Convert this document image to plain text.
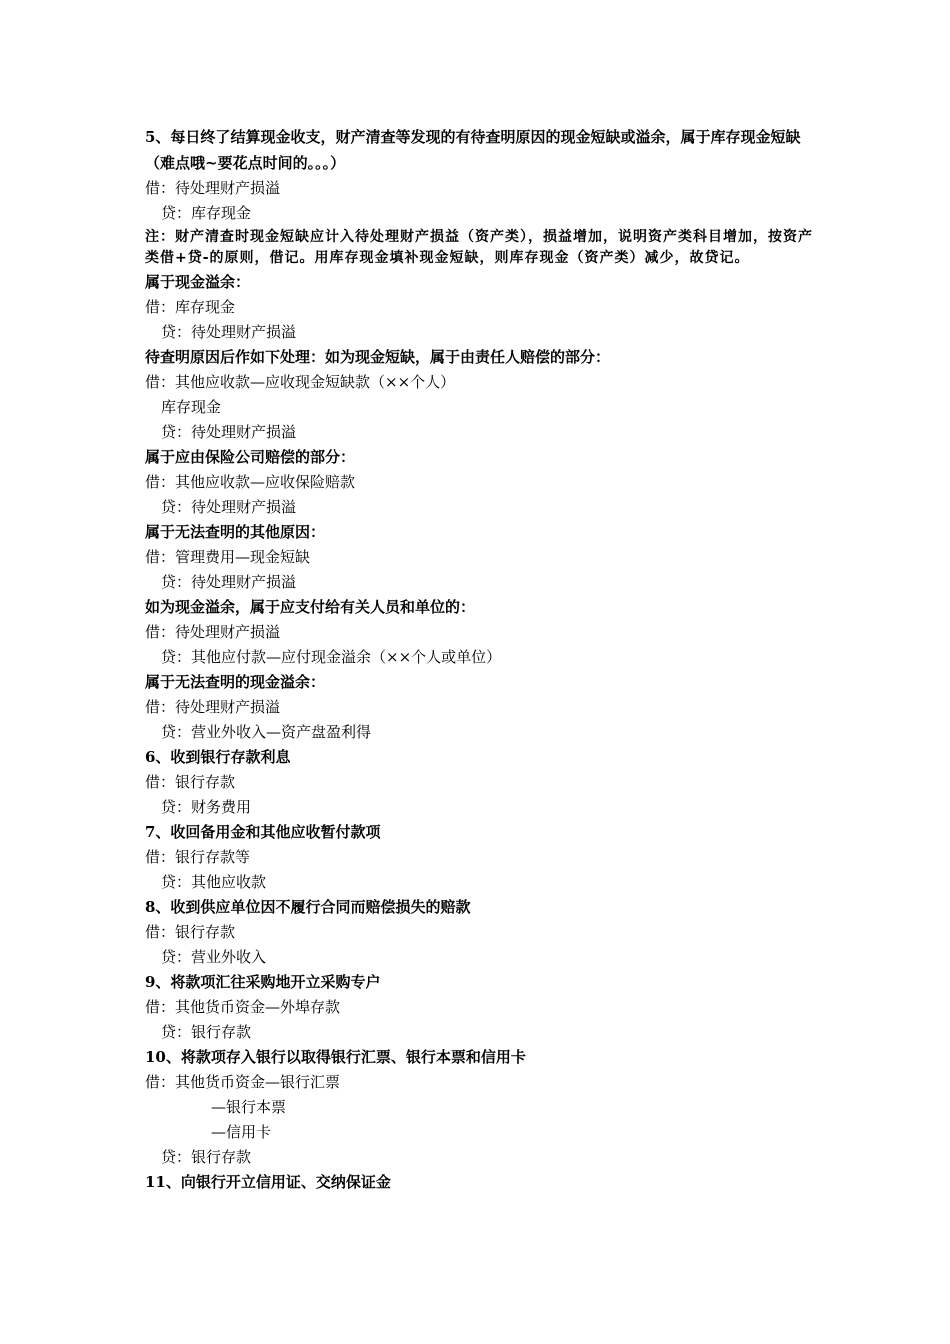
5、每日终了结算现金收支，财产清查等发现的有待查明原因的现金短缺或溢余，属于库存现金短缺 （难点哦~要花点时间的。。。）
借：待处理财产损溢
贷：库存现金
注：财产清查时现金短缺应计入待处理财产损益（资产类），损益增加，说明资产类科目增加，按资产类借+贷-的原则，借记。用库存现金填补现金短缺，则库存现金（资产类）减少，故贷记。
属于现金溢余：
借：库存现金
贷：待处理财产损溢
待查明原因后作如下处理：如为现金短缺，属于由责任人赔偿的部分：
借：其他应收款—应收现金短缺款（××个人）
库存现金
贷：待处理财产损溢
属于应由保险公司赔偿的部分：
借：其他应收款—应收保险赔款
贷：待处理财产损溢
属于无法查明的其他原因：
借：管理费用—现金短缺
贷：待处理财产损溢
如为现金溢余，属于应支付给有关人员和单位的：
借：待处理财产损溢
贷：其他应付款—应付现金溢余（××个人或单位）
属于无法查明的现金溢余：
借：待处理财产损溢
贷：营业外收入—资产盘盈利得
6、收到银行存款利息
借：银行存款
贷：财务费用
7、收回备用金和其他应收暂付款项
借：银行存款等
贷：其他应收款
8、收到供应单位因不履行合同而赔偿损失的赔款
借：银行存款
贷：营业外收入
9、将款项汇往采购地开立采购专户
借：其他货币资金—外埠存款
贷：银行存款
10、将款项存入银行以取得银行汇票、银行本票和信用卡
借：其他货币资金—银行汇票
—银行本票
—信用卡
贷：银行存款
11、向银行开立信用证、交纳保证金
